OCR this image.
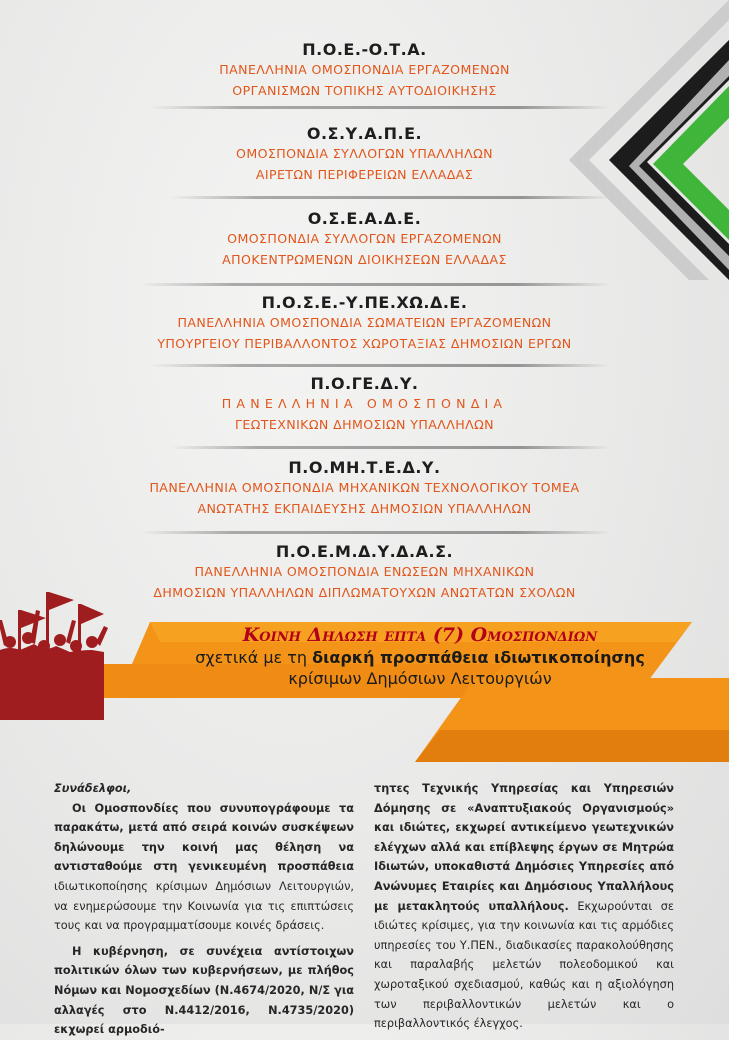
Π.Ο.Ε.-Ο.Τ.Α.
ΠΑΝΕΛΛΗΝΙΑ ΟΜΟΣΠΟΝΔΙΑ ΕΡΓΑΖΟΜΕΝΩΝ
ΟΡΓΑΝΙΣΜΩΝ ΤΟΠΙΚΗΣ ΑΥΤΟΔΙΟΙΚΗΣΗΣ
Ο.Σ.Υ.Α.Π.Ε.
ΟΜΟΣΠΟΝΔΙΑ ΣΥΛΛΟΓΩΝ ΥΠΑΛΛΗΛΩΝ
ΑΙΡΕΤΩΝ ΠΕΡΙΦΕΡΕΙΩΝ ΕΛΛΑΔΑΣ
Ο.Σ.Ε.Α.Δ.Ε.
ΟΜΟΣΠΟΝΔΙΑ ΣΥΛΛΟΓΩΝ ΕΡΓΑΖΟΜΕΝΩΝ
ΑΠΟΚΕΝΤΡΩΜΕΝΩΝ ΔΙΟΙΚΗΣΕΩΝ ΕΛΛΑΔΑΣ
Π.Ο.Σ.Ε.-Υ.ΠΕ.ΧΩ.Δ.Ε.
ΠΑΝΕΛΛΗΝΙΑ ΟΜΟΣΠΟΝΔΙΑ ΣΩΜΑΤΕΙΩΝ ΕΡΓΑΖΟΜΕΝΩΝ
ΥΠΟΥΡΓΕΙΟΥ ΠΕΡΙΒΑΛΛΟΝΤΟΣ ΧΩΡΟΤΑΞΙΑΣ ΔΗΜΟΣΙΩΝ ΕΡΓΩΝ
Π.Ο.ΓΕ.Δ.Υ.
ΠΑΝΕΛΛΗΝΙΑ ΟΜΟΣΠΟΝΔΙΑ
ΓΕΩΤΕΧΝΙΚΩΝ ΔΗΜΟΣΙΩΝ ΥΠΑΛΛΗΛΩΝ
Π.Ο.ΜΗ.Τ.Ε.Δ.Υ.
ΠΑΝΕΛΛΗΝΙΑ ΟΜΟΣΠΟΝΔΙΑ ΜΗΧΑΝΙΚΩΝ ΤΕΧΝΟΛΟΓΙΚΟΥ ΤΟΜΕΑ
ΑΝΩΤΑΤΗΣ ΕΚΠΑΙΔΕΥΣΗΣ ΔΗΜΟΣΙΩΝ ΥΠΑΛΛΗΛΩΝ
Π.Ο.Ε.Μ.Δ.Υ.Δ.Α.Σ.
ΠΑΝΕΛΛΗΝΙΑ ΟΜΟΣΠΟΝΔΙΑ ΕΝΩΣΕΩΝ ΜΗΧΑΝΙΚΩΝ
ΔΗΜΟΣΙΩΝ ΥΠΑΛΛΗΛΩΝ ΔΙΠΛΩΜΑΤΟΥΧΩΝ ΑΝΩΤΑΤΩΝ ΣΧΟΛΩΝ
Κοινη Δηλωση επτα (7) Ομοσπονδιων
σχετικά με τη διαρκή προσπάθεια ιδιωτικοποίησης
κρίσιμων Δημόσιων Λειτουργιών

Συνάδελφοι,

Οι Ομοσπονδίες που συνυπογράφουμε τα παρακάτω, μετά από σειρά κοινών συσκέψεων δηλώνουμε την κοινή μας θέληση να αντισταθούμε στη γενικευμένη προσπάθεια ιδιωτικοποίησης κρίσιμων Δημόσιων Λειτουργιών, να ενημερώσουμε την Κοινωνία για τις επιπτώσεις τους και να προγραμματίσουμε κοινές δράσεις.

Η κυβέρνηση, σε συνέχεια αντίστοιχων πολιτικών όλων των κυβερνήσεων, με πλήθος Νόμων και Νομοσχεδίων (Ν.4674/2020, Ν/Σ για αλλαγές στο Ν.4412/2016, Ν.4735/2020) εκχωρεί αρμοδιό-

τητες Τεχνικής Υπηρεσίας και Υπηρεσιών Δόμησης σε «Αναπτυξιακούς Οργανισμούς» και ιδιώτες, εκχωρεί αντικείμενο γεωτεχνικών ελέγχων αλλά και επίβλεψης έργων σε Μητρώα Ιδιωτών, υποκαθιστά Δημόσιες Υπηρεσίες από Ανώνυμες Εταιρίες και Δημόσιους Υπαλλήλους με μετακλητούς υπαλλήλους. Εκχωρούνται σε ιδιώτες κρίσιμες, για την κοινωνία και τις αρμόδιες υπηρεσίες του Υ.ΠΕΝ., διαδικασίες παρακολούθησης και παραλαβής μελετών πολεοδομικού και χωροταξικού σχεδιασμού, καθώς και η αξιολόγηση των περιβαλλοντικών μελετών και ο περιβαλλοντικός έλεγχος.
